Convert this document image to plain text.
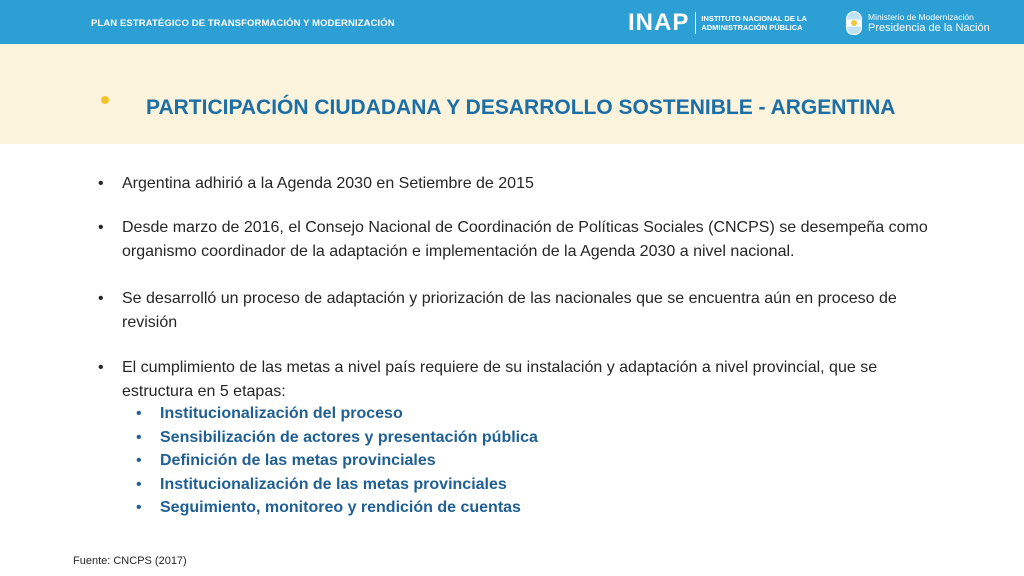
PLAN ESTRATÉGICO DE TRANSFORMACIÓN Y MODERNIZACIÓN	INAP INSTITUTO NACIONAL DE LA
ADMINISTRACIÓN PÚBLICA
Ministerio de Modernización
Presidencia de la Nación
PARTICIPACIÓN CIUDADANA Y DESARROLLO SOSTENIBLE - ARGENTINA
• Argentina adhirió a la Agenda 2030 en Setiembre de 2015
• Desde marzo de 2016, el Consejo Nacional de Coordinación de Políticas Sociales (CNCPS) se desempeña como organismo coordinador de la adaptación e implementación de la Agenda 2030 a nivel nacional.
• Se desarrolló un proceso de adaptación y priorización de las nacionales que se encuentra aún en proceso de revisión
• El cumplimiento de las metas a nivel país requiere de su instalación y adaptación a nivel provincial, que se estructura en 5 etapas:
• Institucionalización del proceso
• Sensibilización de actores y presentación pública
• Definición de las metas provinciales
• Institucionalización de las metas provinciales
• Seguimiento, monitoreo y rendición de cuentas
Fuente: CNCPS (2017)
